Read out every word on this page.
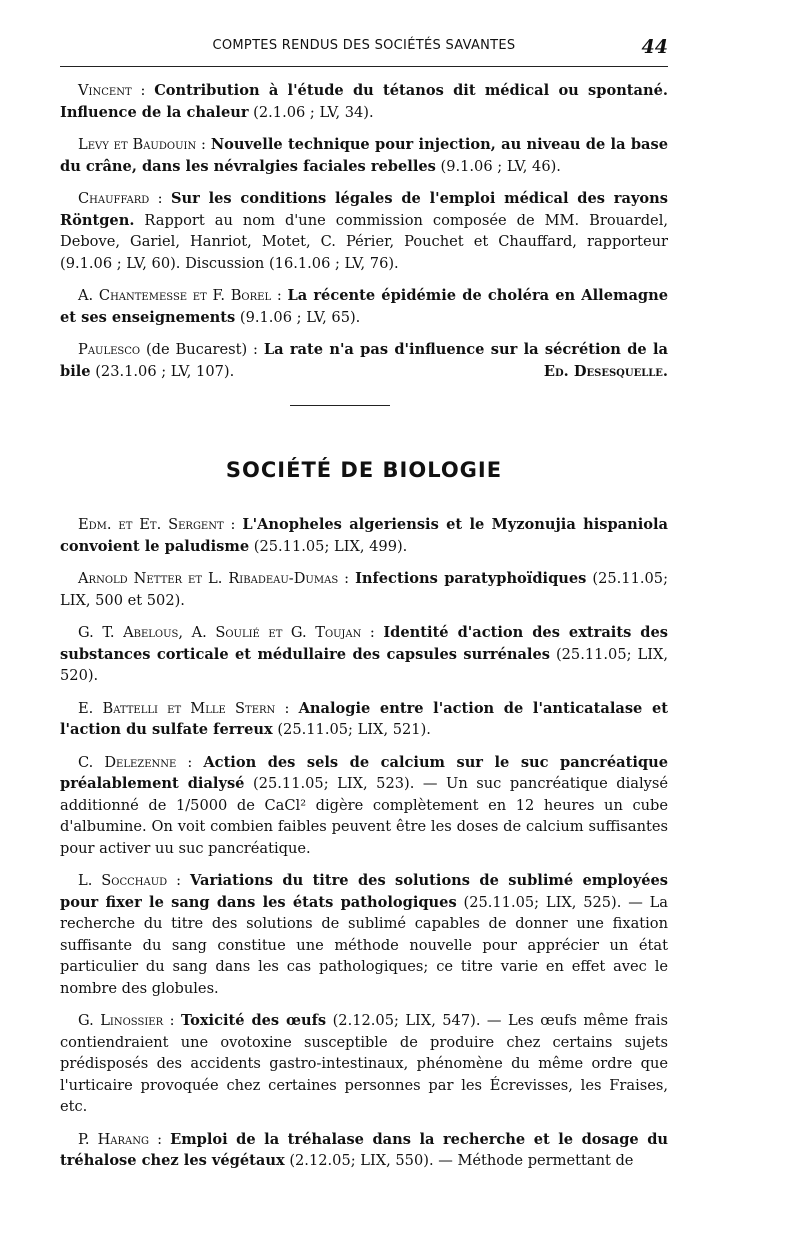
COMPTES RENDUS DES SOCIÉTÉS SAVANTES	44

Vincent : Contribution à l'étude du tétanos dit médical ou spontané. Influence de la chaleur (2.1.06 ; LV, 34).

Levy et Baudouin : Nouvelle technique pour injection, au niveau de la base du crâne, dans les névralgies faciales rebelles (9.1.06 ; LV, 46).

Chauffard : Sur les conditions légales de l'emploi médical des rayons Röntgen. Rapport au nom d'une commission composée de MM. Brouardel, Debove, Gariel, Hanriot, Motet, C. Périer, Pouchet et Chauffard, rapporteur (9.1.06 ; LV, 60). Discussion (16.1.06 ; LV, 76).

A. Chantemesse et F. Borel : La récente épidémie de choléra en Allemagne et ses enseignements (9.1.06 ; LV, 65).

Paulesco (de Bucarest) : La rate n'a pas d'influence sur la sécrétion de la bile (23.1.06 ; LV, 107).	Ed. Desesquelle.

SOCIÉTÉ DE BIOLOGIE

Edm. et Et. Sergent : L'Anopheles algeriensis et le Myzonujia hispaniola convoient le paludisme (25.11.05; LIX, 499).

Arnold Netter et L. Ribadeau-Dumas : Infections paratyphoïdiques (25.11.05; LIX, 500 et 502).

G. T. Abelous, A. Soulié et G. Toujan : Identité d'action des extraits des substances corticale et médullaire des capsules surrénales (25.11.05; LIX, 520).

E. Battelli et Mlle Stern : Analogie entre l'action de l'anticatalase et l'action du sulfate ferreux (25.11.05; LIX, 521).

C. Delezenne : Action des sels de calcium sur le suc pancréatique préalablement dialysé (25.11.05; LIX, 523). — Un suc pancréatique dialysé additionné de 1/5000 de CaCl² digère complètement en 12 heures un cube d'albumine. On voit combien faibles peuvent être les doses de calcium suffisantes pour activer uu suc pancréatique.

L. Socchaud : Variations du titre des solutions de sublimé employées pour fixer le sang dans les états pathologiques (25.11.05; LIX, 525). — La recherche du titre des solutions de sublimé capables de donner une fixation suffisante du sang constitue une méthode nouvelle pour apprécier un état particulier du sang dans les cas pathologiques; ce titre varie en effet avec le nombre des globules.

G. Linossier : Toxicité des œufs (2.12.05; LIX, 547). — Les œufs même frais contiendraient une ovotoxine susceptible de produire chez certains sujets prédisposés des accidents gastro-intestinaux, phénomène du même ordre que l'urticaire provoquée chez certaines personnes par les Écrevisses, les Fraises, etc.

P. Harang : Emploi de la tréhalase dans la recherche et le dosage du tréhalose chez les végétaux (2.12.05; LIX, 550). — Méthode permettant de
